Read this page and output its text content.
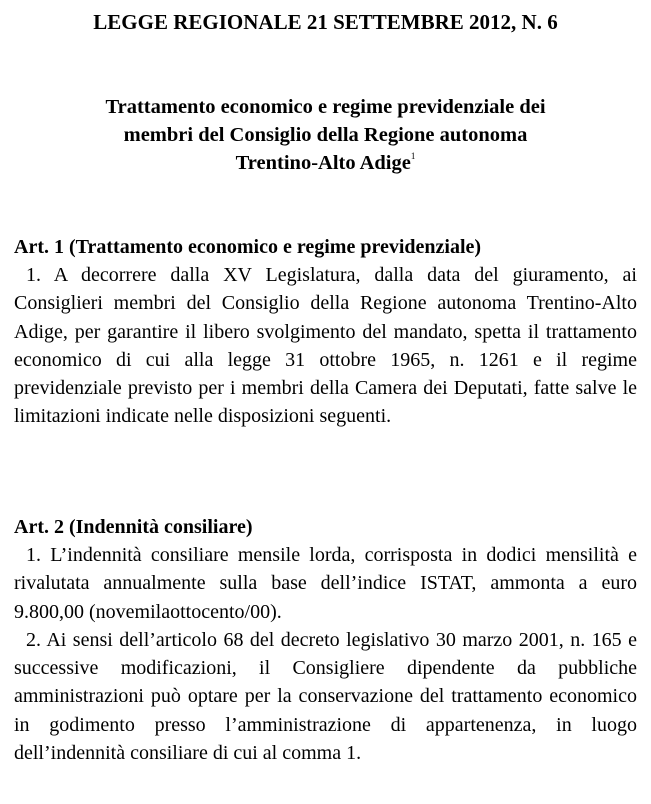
LEGGE REGIONALE 21 SETTEMBRE 2012, N. 6
Trattamento economico e regime previdenziale dei
membri del Consiglio della Regione autonoma
Trentino-Alto Adige$^1$
Art. 1 (Trattamento economico e regime previdenziale)

1. A decorrere dalla XV Legislatura, dalla data del giuramento, ai Consiglieri membri del Consiglio della Regione autonoma Trentino-Alto Adige, per garantire il libero svolgimento del mandato, spetta il trattamento economico di cui alla legge 31 ottobre 1965, n. 1261 e il regime previdenziale previsto per i membri della Camera dei Deputati, fatte salve le limitazioni indicate nelle disposizioni seguenti.

Art. 2 (Indennità consiliare)

1. L’indennità consiliare mensile lorda, corrisposta in dodici mensilità e rivalutata annualmente sulla base dell’indice ISTAT, ammonta a euro 9.800,00 (novemilaottocento/00).

2. Ai sensi dell’articolo 68 del decreto legislativo 30 marzo 2001, n. 165 e successive modificazioni, il Consigliere dipendente da pubbliche amministrazioni può optare per la conservazione del trattamento economico in godimento presso l’amministrazione di appartenenza, in luogo dell’indennità consiliare di cui al comma 1.
